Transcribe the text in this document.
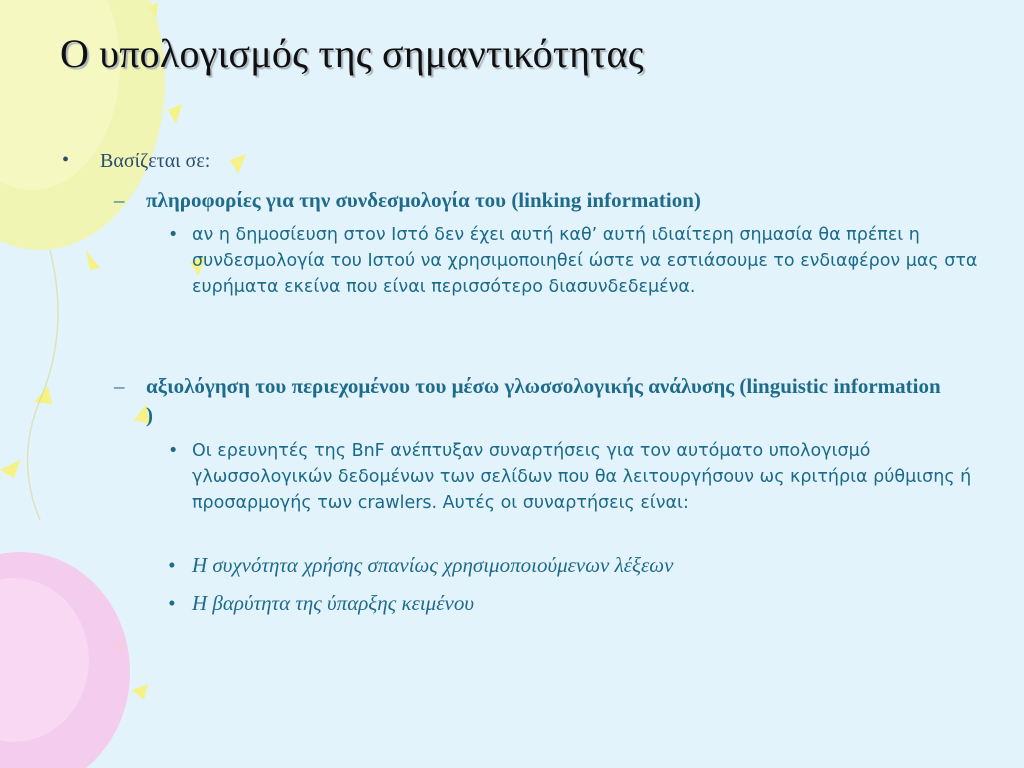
Ο υπολογισμός της σημαντικότητας
• Βασίζεται σε:
– πληροφορίες για την συνδεσμολογία του (linking information)
• αν η δημοσίευση στον Ιστό δεν έχει αυτή καθ’ αυτή ιδιαίτερη σημασία θα πρέπει η συνδεσμολογία του Ιστού να χρησιμοποιηθεί ώστε να εστιάσουμε το ενδιαφέρον μας στα ευρήματα εκείνα που είναι περισσότερο διασυνδεδεμένα.
– αξιολόγηση του περιεχομένου του μέσω γλωσσολογικής ανάλυσης (linguistic information )
• Οι ερευνητές της BnF ανέπτυξαν συναρτήσεις για τον αυτόματο υπολογισμό γλωσσολογικών δεδομένων των σελίδων που θα λειτουργήσουν ως κριτήρια ρύθμισης ή προσαρμογής των crawlers. Αυτές οι συναρτήσεις είναι:
• Η συχνότητα χρήσης σπανίως χρησιμοποιούμενων λέξεων
• Η βαρύτητα της ύπαρξης κειμένου
